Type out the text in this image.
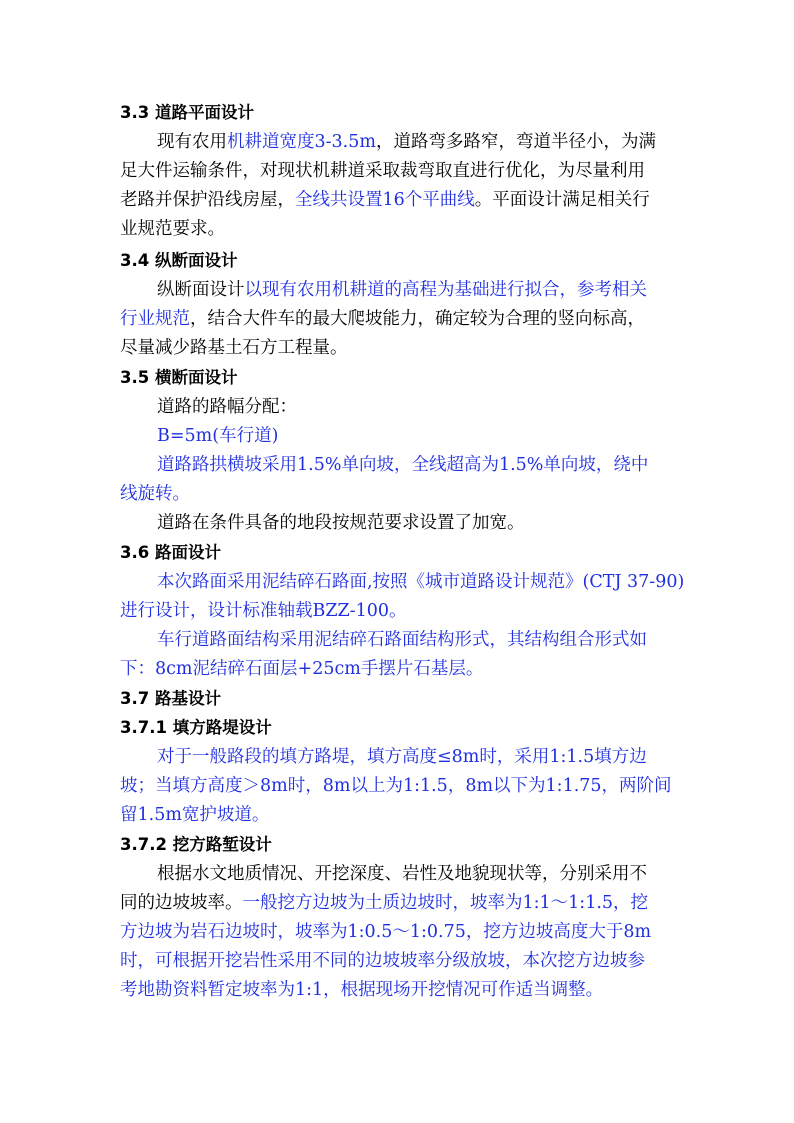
3.3 道路平面设计
现有农用机耕道宽度3-3.5m，道路弯多路窄，弯道半径小，为满
足大件运输条件，对现状机耕道采取裁弯取直进行优化，为尽量利用
老路并保护沿线房屋，全线共设置16个平曲线。平面设计满足相关行
业规范要求。
3.4 纵断面设计
纵断面设计以现有农用机耕道的高程为基础进行拟合，参考相关
行业规范，结合大件车的最大爬坡能力，确定较为合理的竖向标高，
尽量减少路基土石方工程量。
3.5 横断面设计
道路的路幅分配：
B=5m(车行道)
道路路拱横坡采用1.5%单向坡，全线超高为1.5%单向坡，绕中
线旋转。
道路在条件具备的地段按规范要求设置了加宽。
3.6 路面设计
本次路面采用泥结碎石路面,按照《城市道路设计规范》(CTJ 37-90)
进行设计，设计标准轴载BZZ-100。
车行道路面结构采用泥结碎石路面结构形式，其结构组合形式如
下：8cm泥结碎石面层+25cm手摆片石基层。
3.7 路基设计
3.7.1 填方路堤设计
对于一般路段的填方路堤，填方高度≤8m时，采用1:1.5填方边
坡；当填方高度＞8m时，8m以上为1:1.5，8m以下为1:1.75，两阶间
留1.5m宽护坡道。
3.7.2 挖方路堑设计
根据水文地质情况、开挖深度、岩性及地貌现状等，分别采用不
同的边坡坡率。一般挖方边坡为土质边坡时，坡率为1:1～1:1.5，挖
方边坡为岩石边坡时，坡率为1:0.5～1:0.75，挖方边坡高度大于8m
时，可根据开挖岩性采用不同的边坡坡率分级放坡，本次挖方边坡参
考地勘资料暂定坡率为1:1，根据现场开挖情况可作适当调整。
